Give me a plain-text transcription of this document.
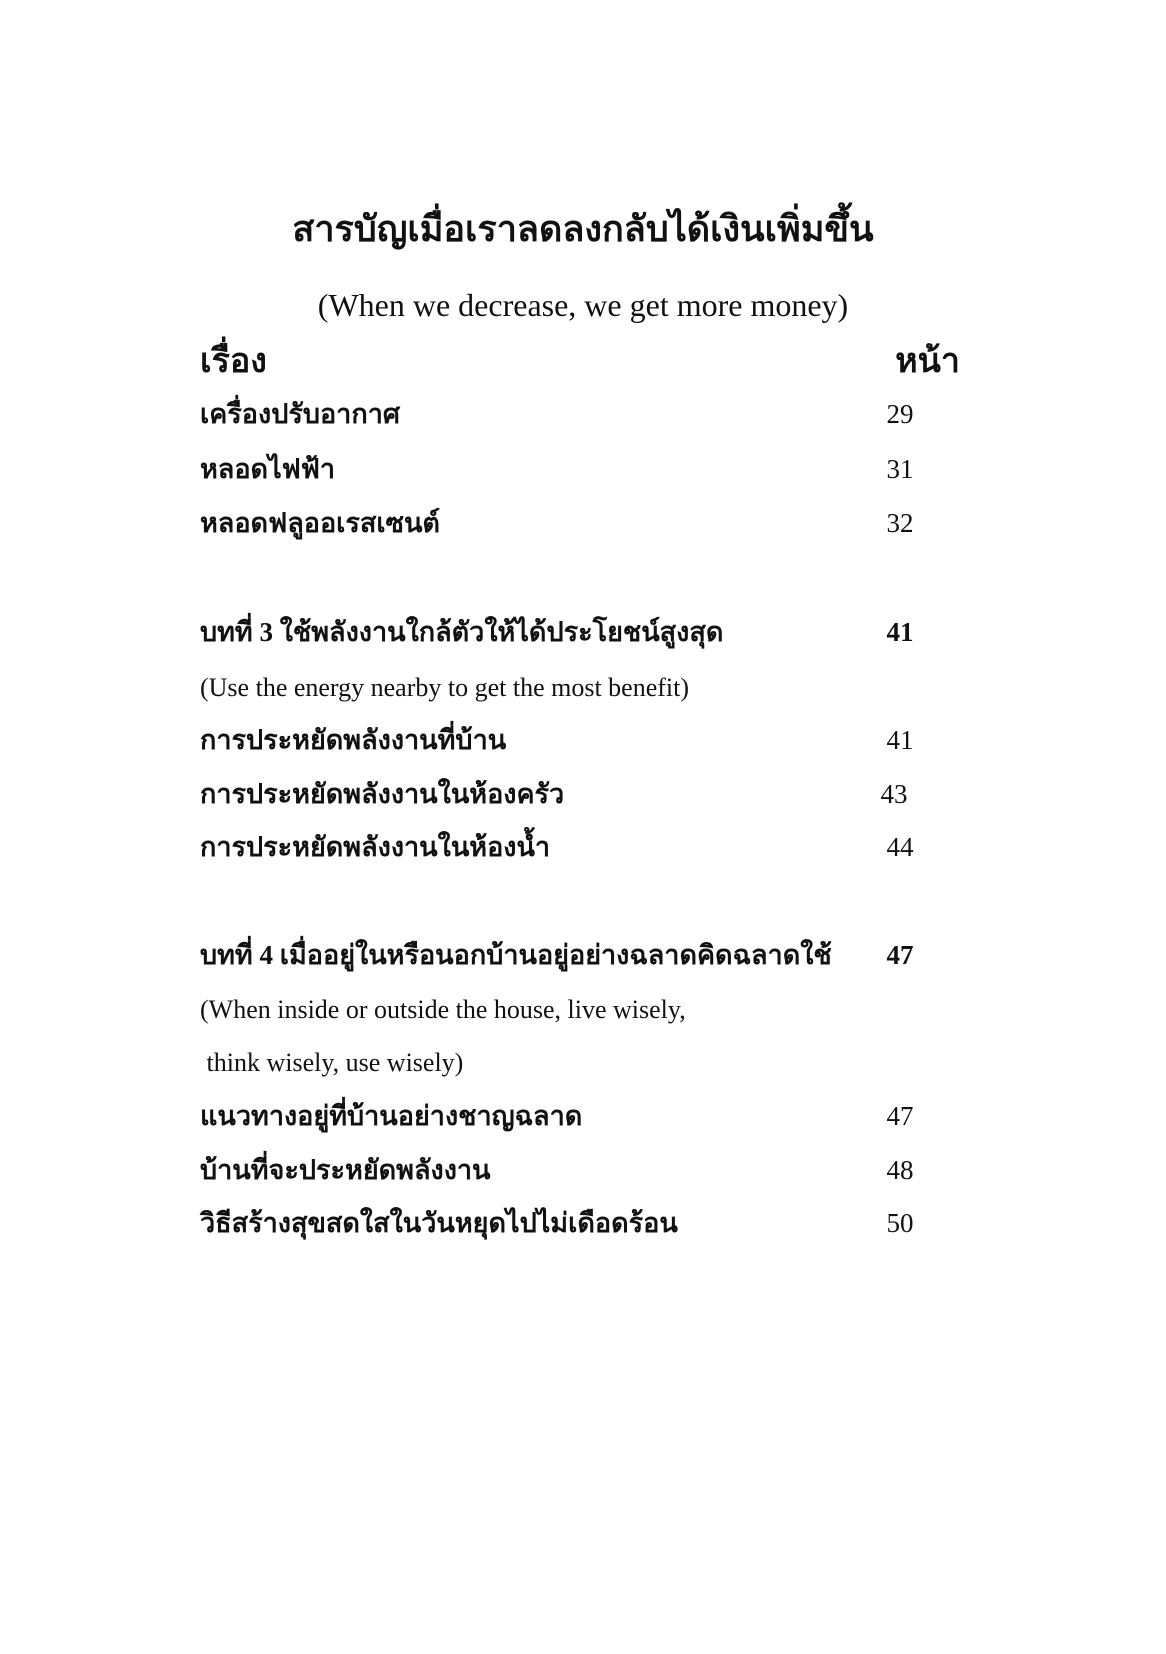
สารบัญเมื่อเราลดลงกลับได้เงินเพิ่มขึ้น
(When we decrease, we get more money)
เรื่อง	หน้า
เครื่องปรับอากาศ	29
หลอดไฟฟ้า	31
หลอดฟลูออเรสเซนต์	32
บทที่ 3 ใช้พลังงานใกล้ตัวให้ได้ประโยชน์สูงสุด	41
(Use the energy nearby to get the most benefit)
การประหยัดพลังงานที่บ้าน	41
การประหยัดพลังงานในห้องครัว	43
การประหยัดพลังงานในห้องน้ำ	44
บทที่ 4 เมื่ออยู่ในหรือนอกบ้านอยู่อย่างฉลาดคิดฉลาดใช้	47
(When inside or outside the house, live wisely,
think wisely, use wisely)
แนวทางอยู่ที่บ้านอย่างชาญฉลาด	47
บ้านที่จะประหยัดพลังงาน	48
วิธีสร้างสุขสดใสในวันหยุดไปไม่เดือดร้อน	50
